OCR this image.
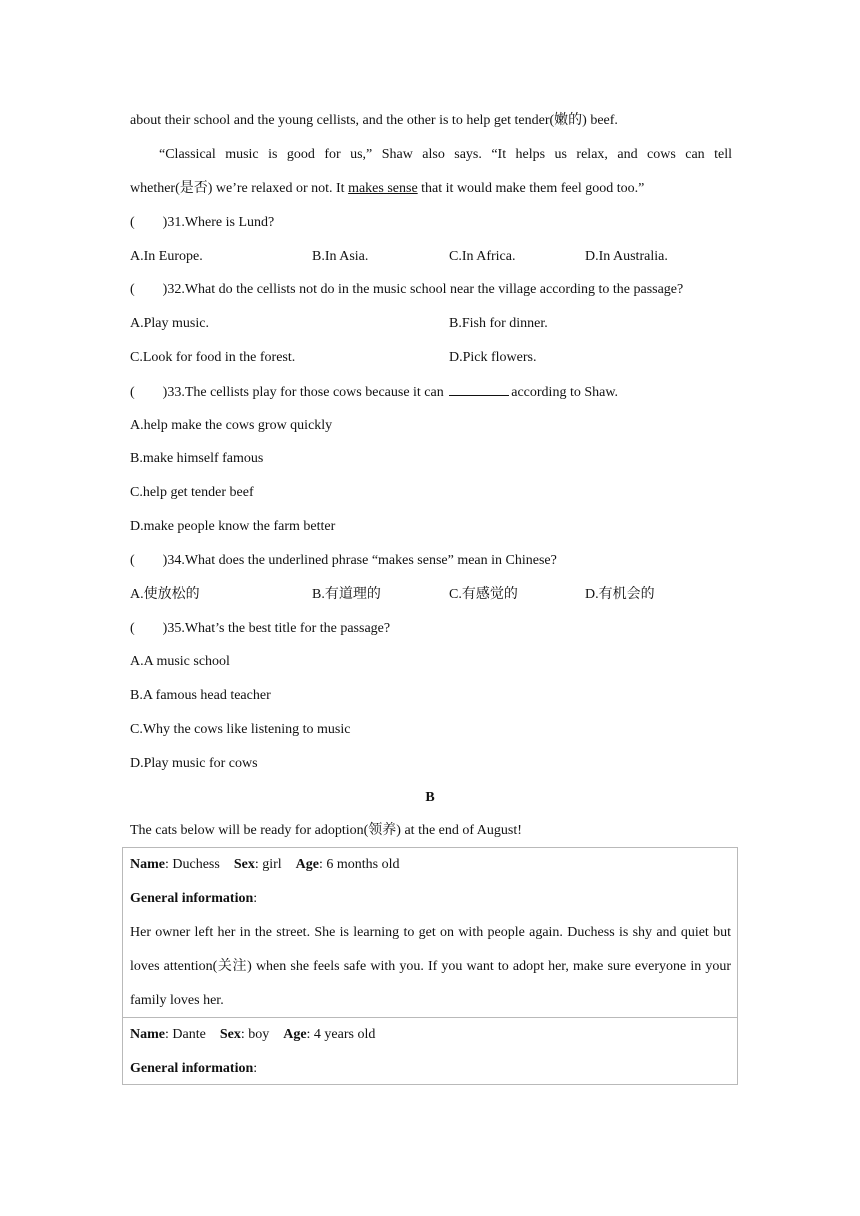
about their school and the young cellists, and the other is to help get tender(嫩的) beef.
“Classical music is good for us,” Shaw also says. “It helps us relax, and cows can tell
whether(是否) we’re relaxed or not. It makes sense that it would make them feel good too.”
(        )31.Where is Lund?
A.In Europe.	B.In Asia.	C.In Africa.	D.In Australia.
(        )32.What do the cellists not do in the music school near the village according to the passage?
A.Play music.	B.Fish for dinner.
C.Look for food in the forest.	D.Pick flowers.
(        )33.The cellists play for those cows because it can	according to Shaw.
A.help make the cows grow quickly
B.make himself famous
C.help get tender beef
D.make people know the farm better
(        )34.What does the underlined phrase “makes sense” mean in Chinese?
A.使放松的	B.有道理的	C.有感觉的	D.有机会的
(        )35.What’s the best title for the passage?
A.A music school
B.A famous head teacher
C.Why the cows like listening to music
D.Play music for cows
B
The cats below will be ready for adoption(领养) at the end of August!
Name: Duchess Sex: girl Age: 6 months old
General information:
Her owner left her in the street. She is learning to get on with people again. Duchess is shy and quiet but loves attention(关注) when she feels safe with you. If you want to adopt her, make sure everyone in your family loves her.

Name: Dante Sex: boy Age: 4 years old
General information:
